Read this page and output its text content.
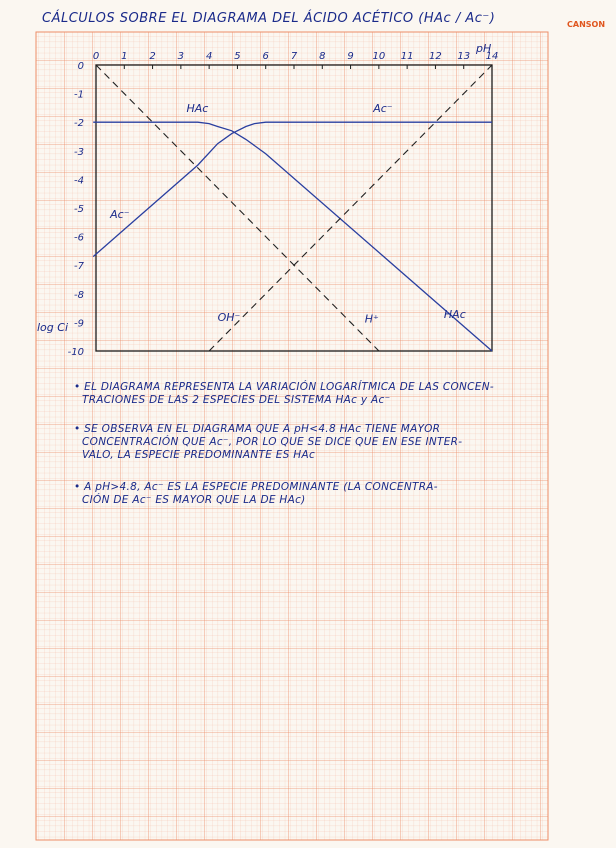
CÁLCULOS SOBRE EL DIAGRAMA DEL ÁCIDO ACÉTICO (HAc / Ac⁻)	CANSON
0 1 2 3 4 5 6 7 8 9 10 11 12 13 14
0
-1
-2
-3
-4
-5
-6
-7
-8
-9
-10
HAc	Ac⁻
Ac⁻
OH⁻	H⁺	HAc
pH
log Ci
• EL DIAGRAMA REPRESENTA LA VARIACIÓN LOGARÍTMICA DE LAS CONCEN-
TRACIONES DE LAS 2 ESPECIES DEL SISTEMA HAc y Ac⁻
• SE OBSERVA EN EL DIAGRAMA QUE A pH<4.8 HAc TIENE MAYOR
CONCENTRACIÓN QUE Ac⁻, POR LO QUE SE DICE QUE EN ESE INTER-
VALO, LA ESPECIE PREDOMINANTE ES HAc
• A pH>4.8, Ac⁻ ES LA ESPECIE PREDOMINANTE (LA CONCENTRA-
CIÓN DE Ac⁻ ES MAYOR QUE LA DE HAc)
